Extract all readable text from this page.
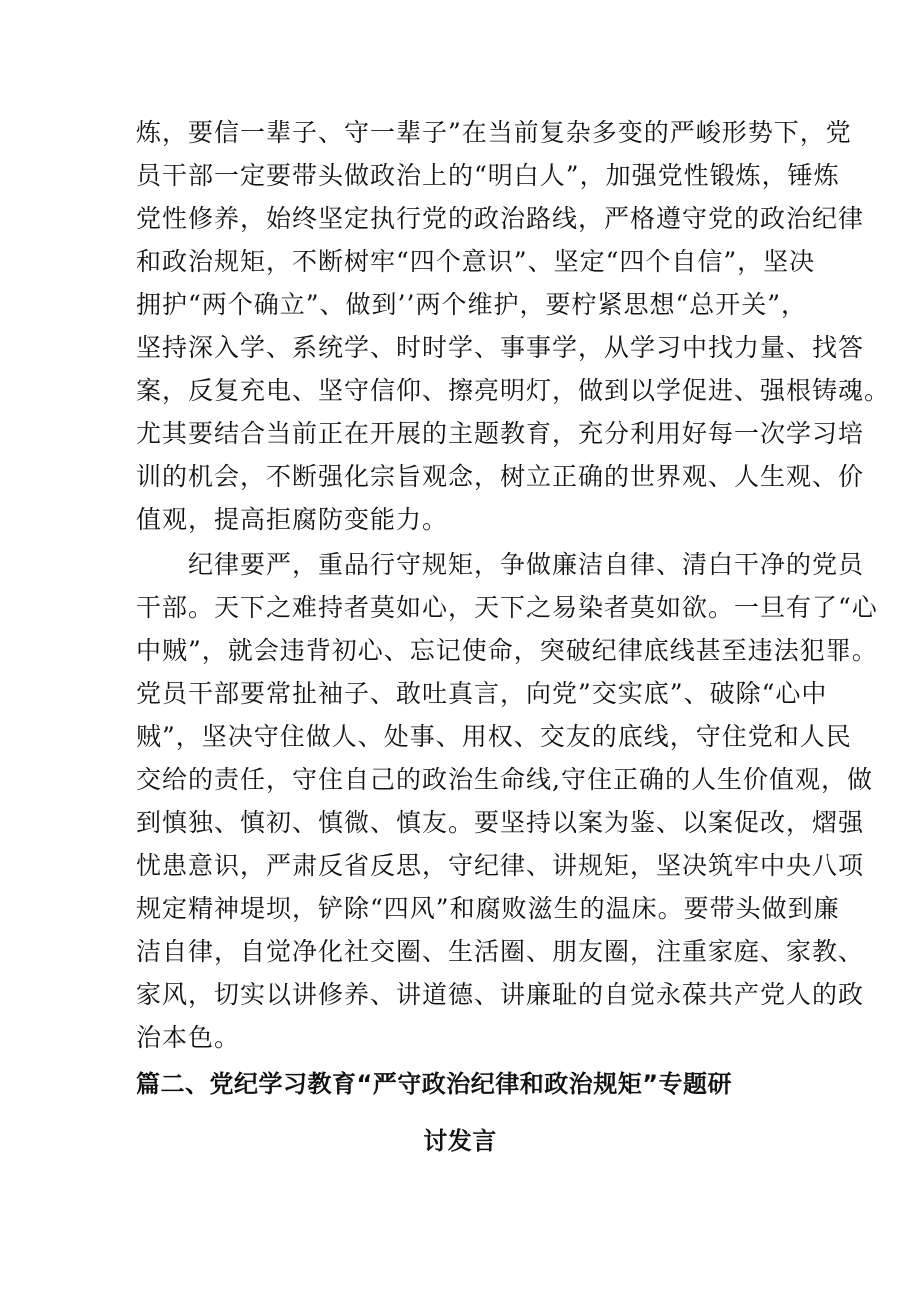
炼，要信一辈子、守一辈子”在当前复杂多变的严峻形势下，党
员干部一定要带头做政治上的“明白人”，加强党性锻炼，锤炼
党性修养，始终坚定执行党的政治路线，严格遵守党的政治纪律
和政治规矩，不断树牢“四个意识”、坚定“四个自信”，坚决
拥护“两个确立”、做到’’两个维护，要柠紧思想“总开关”，
坚持深入学、系统学、时时学、事事学，从学习中找力量、找答
案，反复充电、坚守信仰、擦亮明灯，做到以学促进、强根铸魂。
尤其要结合当前正在开展的主题教育，充分利用好每一次学习培
训的机会，不断强化宗旨观念，树立正确的世界观、人生观、价
值观，提高拒腐防变能力。
纪律要严，重品行守规矩，争做廉洁自律、清白干净的党员
干部。天下之难持者莫如心，天下之易染者莫如欲。一旦有了“心
中贼”，就会违背初心、忘记使命，突破纪律底线甚至违法犯罪。
党员干部要常扯袖子、敢吐真言，向党”交实底”、破除“心中
贼”，坚决守住做人、处事、用权、交友的底线，守住党和人民
交给的责任，守住自己的政治生命线,守住正确的人生价值观，做
到慎独、慎初、慎微、慎友。要坚持以案为鉴、以案促改，熠强
忧患意识，严肃反省反思，守纪律、讲规矩，坚决筑牢中央八项
规定精神堤坝，铲除“四风”和腐败滋生的温床。要带头做到廉
洁自律，自觉净化社交圈、生活圈、朋友圈，注重家庭、家教、
家风，切实以讲修养、讲道德、讲廉耻的自觉永葆共产党人的政
治本色。
篇二、党纪学习教育“严守政治纪律和政治规矩”专题研
讨发言
